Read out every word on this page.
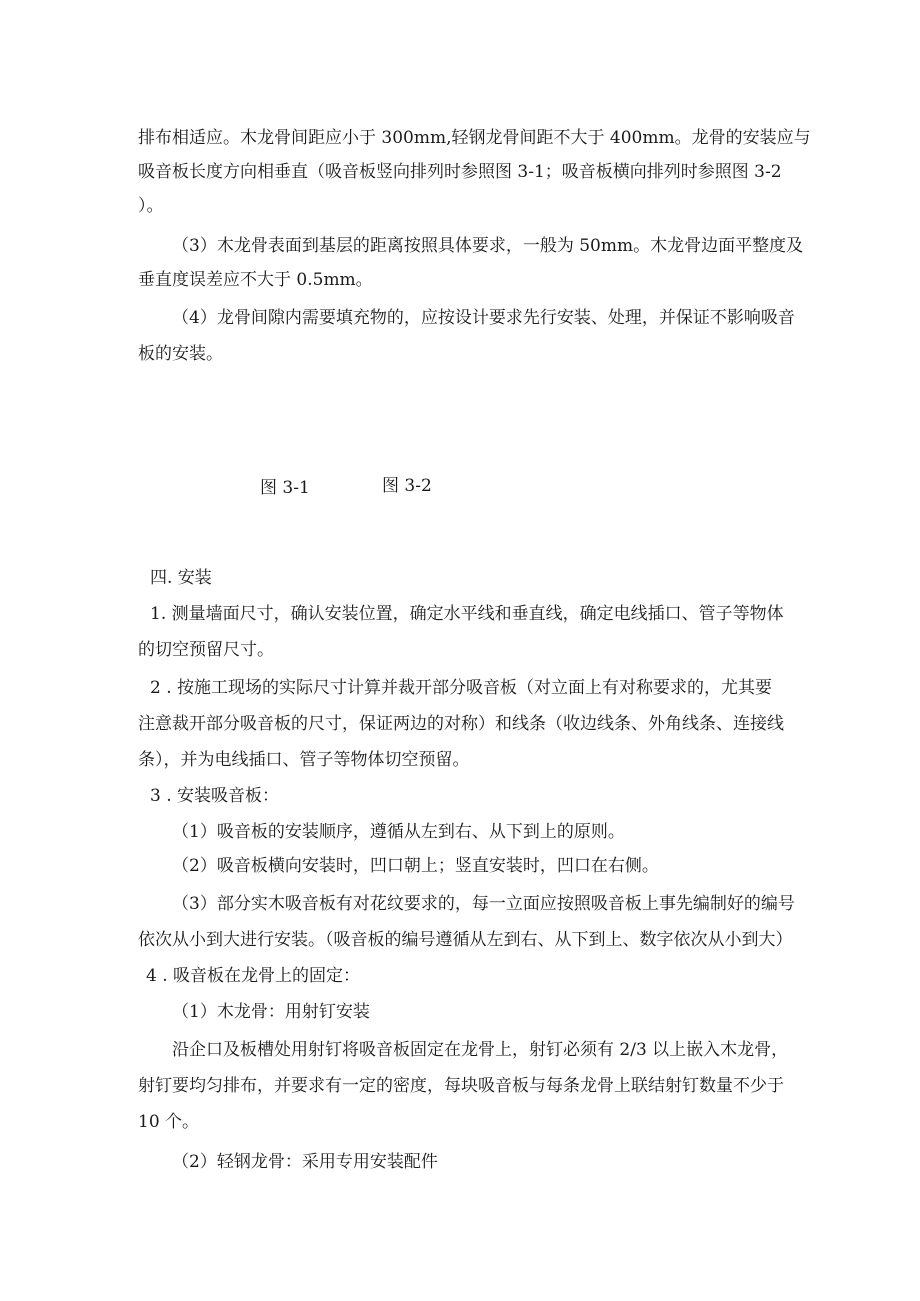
排布相适应。木龙骨间距应小于 300mm,轻钢龙骨间距不大于 400mm。龙骨的安装应与

吸音板长度方向相垂直（吸音板竖向排列时参照图 3-1；吸音板横向排列时参照图 3-2

）。

（3）木龙骨表面到基层的距离按照具体要求，一般为 50mm。木龙骨边面平整度及

垂直度误差应不大于 0.5mm。

（4）龙骨间隙内需要填充物的，应按设计要求先行安装、处理，并保证不影响吸音

板的安装。

图 3-1	图 3-2

四. 安装

1. 测量墙面尺寸，确认安装位置，确定水平线和垂直线，确定电线插口、管子等物体

的切空预留尺寸。

2 . 按施工现场的实际尺寸计算并裁开部分吸音板（对立面上有对称要求的，尤其要

注意裁开部分吸音板的尺寸，保证两边的对称）和线条（收边线条、外角线条、连接线

条），并为电线插口、管子等物体切空预留。

3 . 安装吸音板：

（1）吸音板的安装顺序，遵循从左到右、从下到上的原则。

（2）吸音板横向安装时，凹口朝上；竖直安装时，凹口在右侧。

（3）部分实木吸音板有对花纹要求的，每一立面应按照吸音板上事先编制好的编号

依次从小到大进行安装。（吸音板的编号遵循从左到右、从下到上、数字依次从小到大）

4 . 吸音板在龙骨上的固定：

（1）木龙骨：用射钉安装

沿企口及板槽处用射钉将吸音板固定在龙骨上，射钉必须有 2/3 以上嵌入木龙骨，

射钉要均匀排布，并要求有一定的密度，每块吸音板与每条龙骨上联结射钉数量不少于

10 个。

（2）轻钢龙骨：采用专用安装配件
